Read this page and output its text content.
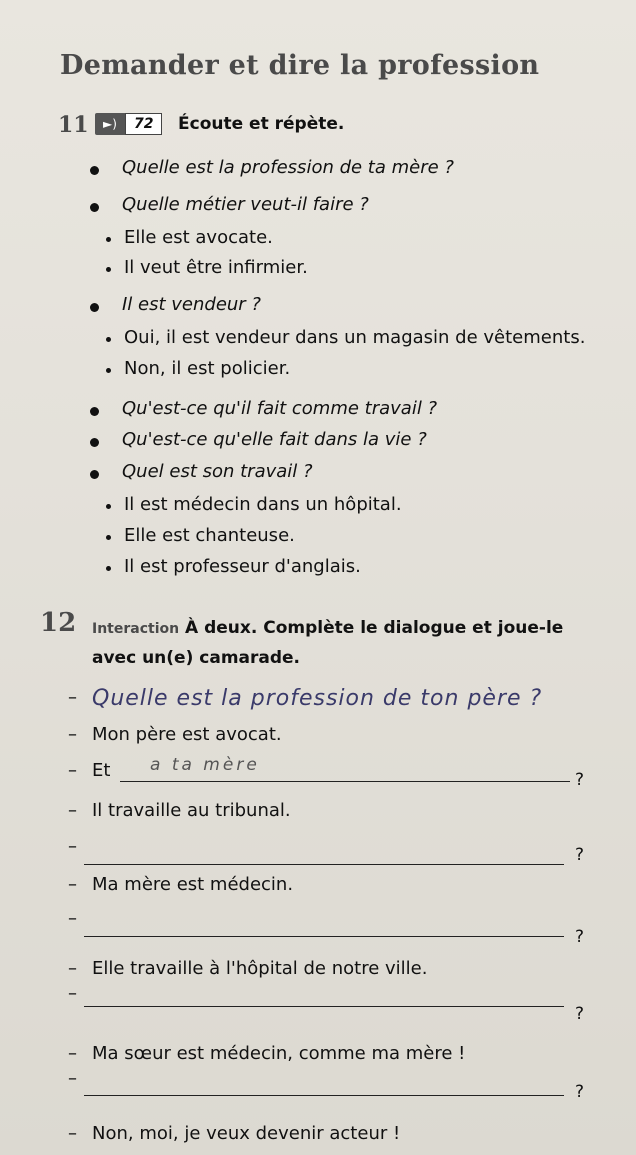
Demander et dire la profession
11	►)	72	Écoute et répète.
Quelle est la profession de ta mère ?
Quelle métier veut-il faire ?
Elle est avocate.
Il veut être infirmier.
Il est vendeur ?
Oui, il est vendeur dans un magasin de vêtements.
Non, il est policier.
Qu'est-ce qu'il fait comme travail ?
Qu'est-ce qu'elle fait dans la vie ?
Quel est son travail ?
Il est médecin dans un hôpital.
Elle est chanteuse.
Il est professeur d'anglais.
12 Interaction À deux. Complète le dialogue et joue-le avec un(e) camarade.
– Quelle est la profession de ton père ?
– Mon père est avocat.
– Et a ta mère
?
– Il travaille au tribunal.
–	?
– Ma mère est médecin.
–
?
– Elle travaille à l'hôpital de notre ville.
–
?
– Ma sœur est médecin, comme ma mère !
–
?
– Non, moi, je veux devenir acteur !
